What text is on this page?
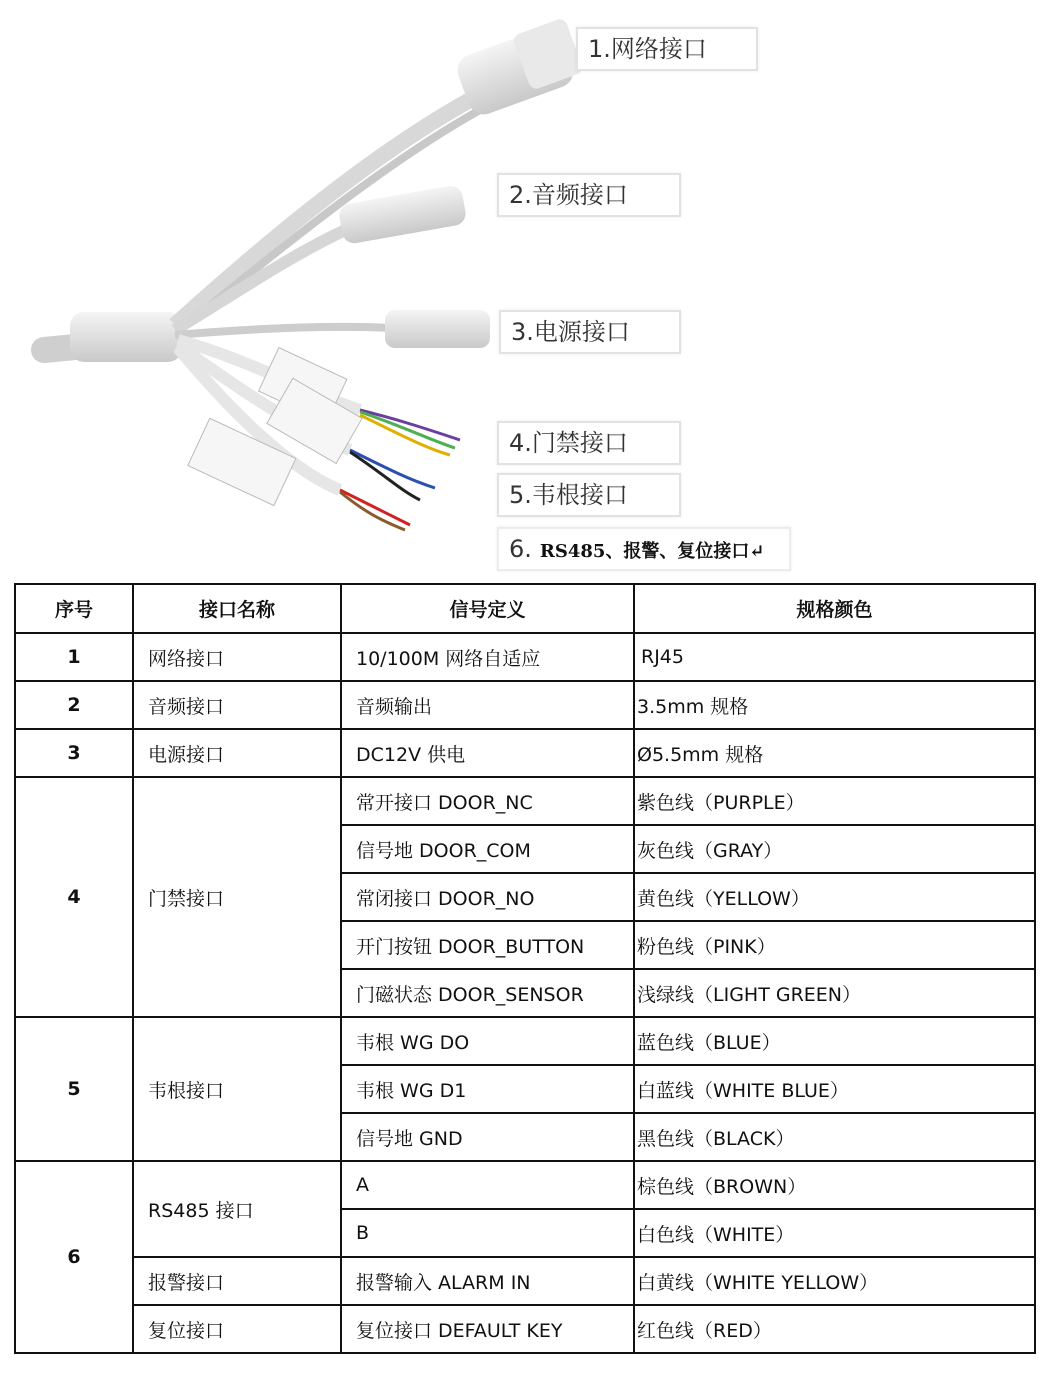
1.网络接口
2.音频接口
3.电源接口
4.门禁接口
5.韦根接口
6. RS485、报警、复位接口↵
序号	接口名称	信号定义	规格颜色
1	网络接口	10/100M 网络自适应	RJ45
2	音频接口	音频输出	3.5mm 规格
3	电源接口	DC12V 供电	Ø5.5mm 规格
4	门禁接口	常开接口 DOOR_NC	紫色线（PURPLE）
		信号地 DOOR_COM	灰色线（GRAY）
		常闭接口 DOOR_NO	黄色线（YELLOW）
		开门按钮 DOOR_BUTTON	粉色线（PINK）
		门磁状态 DOOR_SENSOR	浅绿线（LIGHT GREEN）
5	韦根接口	韦根 WG DO	蓝色线（BLUE）
		韦根 WG D1	白蓝线（WHITE BLUE）
		信号地 GND	黑色线（BLACK）
6	RS485 接口	A	棕色线（BROWN）
		B	白色线（WHITE）
	报警接口	报警输入 ALARM IN	白黄线（WHITE YELLOW）
	复位接口	复位接口 DEFAULT KEY	红色线（RED）
